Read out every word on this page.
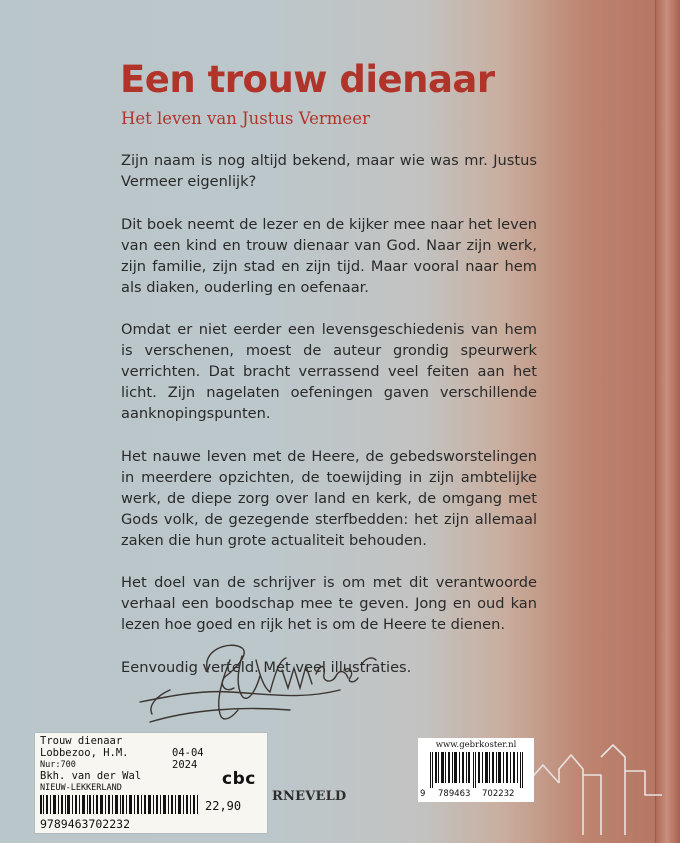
Een trouw dienaar
Het leven van Justus Vermeer

Zijn naam is nog altijd bekend, maar wie was mr. Justus Vermeer eigenlijk?

Dit boek neemt de lezer en de kijker mee naar het leven van een kind en trouw dienaar van God. Naar zijn werk, zijn familie, zijn stad en zijn tijd. Maar vooral naar hem als diaken, ouderling en oefenaar.

Omdat er niet eerder een levensgeschiedenis van hem is verschenen, moest de auteur grondig speurwerk verrichten. Dat bracht verrassend veel feiten aan het licht. Zijn nagelaten oefeningen gaven verschillende aanknopingspunten.

Het nauwe leven met de Heere, de gebedsworstelingen in meerdere opzichten, de toewijding in zijn ambtelijke werk, de diepe zorg over land en kerk, de omgang met Gods volk, de gezegende sterfbedden: het zijn allemaal zaken die hun grote actualiteit behouden.

Het doel van de schrijver is om met dit verantwoorde verhaal een boodschap mee te geven. Jong en oud kan lezen hoe goed en rijk het is om de Heere te dienen.

Eenvoudig verteld. Met veel illustraties.

RNEVELD
Trouw dienaar
Lobbezoo, H.M.	04-04
Nur:700	2024
Bkh. van der Wal
NIEUW-LEKKERLAND	cbc
22,90
9789463702232
www.gebrkoster.nl
9 789463 702232
